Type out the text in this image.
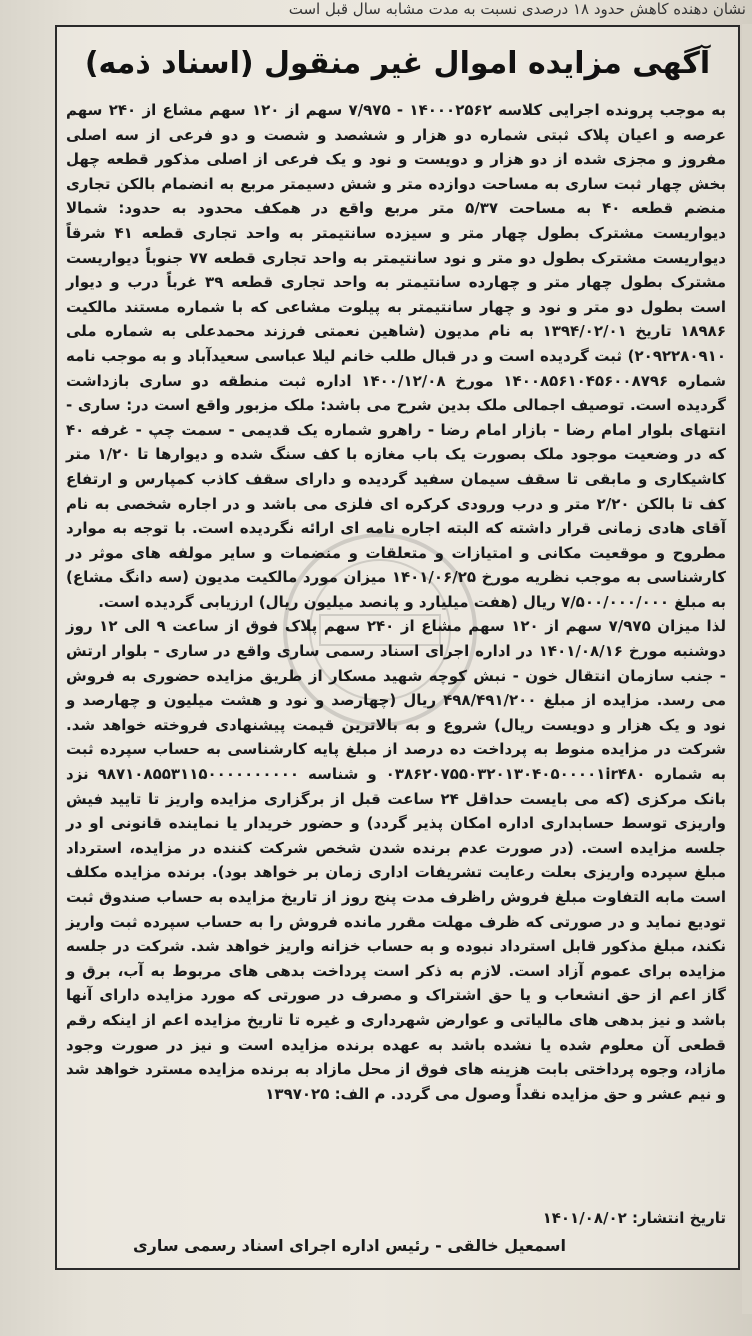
نشان دهنده کاهش حدود ۱۸ درصدی نسبت به مدت مشابه سال قبل است
آگهی مزایده اموال غیر منقول (اسناد ذمه)

به موجب پرونده اجرایی کلاسه ۱۴۰۰۰۲۵۶۲ - ۷/۹۷۵ سهم از ۱۲۰ سهم مشاع از ۲۴۰ سهم عرصه و اعیان پلاک ثبتی شماره دو هزار و ششصد و شصت و دو فرعی از سه اصلی مفروز و مجزی شده از دو هزار و دویست و نود و یک فرعی از اصلی مذکور قطعه چهل بخش چهار ثبت ساری به مساحت دوازده متر و شش دسیمتر مربع به انضمام بالکن تجاری منضم قطعه ۴۰ به مساحت ۵/۳۷ متر مربع واقع در همکف محدود به حدود: شمالا دیواریست مشترک بطول چهار متر و سیزده سانتیمتر به واحد تجاری قطعه ۴۱ شرقاً دیواریست مشترک بطول دو متر و نود سانتیمتر به واحد تجاری قطعه ۷۷ جنوباً دیواریست مشترک بطول چهار متر و چهارده سانتیمتر به واحد تجاری قطعه ۳۹ غرباً درب و دیوار است بطول دو متر و نود و چهار سانتیمتر به پیلوت مشاعی که با شماره مستند مالکیت ۱۸۹۸۶ تاریخ ۱۳۹۴/۰۲/۰۱ به نام مدیون (شاهین نعمتی فرزند محمدعلی به شماره ملی ۲۰۹۲۲۸۰۹۱۰) ثبت گردیده است و در قبال طلب خانم لیلا عباسی سعیدآباد و به موجب نامه شماره ۱۴۰۰۸۵۶۱۰۴۵۶۰۰۸۷۹۶ مورخ ۱۴۰۰/۱۲/۰۸ اداره ثبت منطقه دو ساری بازداشت گردیده است. توصیف اجمالی ملک بدین شرح می باشد: ملک مزبور واقع است در: ساری - انتهای بلوار امام رضا - بازار امام رضا - راهرو شماره یک قدیمی - سمت چپ - غرفه ۴۰ که در وضعیت موجود ملک بصورت یک باب مغازه با کف سنگ شده و دیوارها تا ۱/۲۰ متر کاشیکاری و مابقی تا سقف سیمان سفید گردیده و دارای سقف کاذب کمپارس و ارتفاع کف تا بالکن ۲/۲۰ متر و درب ورودی کرکره ای فلزی می باشد و در اجاره شخصی به نام آقای هادی زمانی قرار داشته که البته اجاره نامه ای ارائه نگردیده است. با توجه به موارد مطروح و موقعیت مکانی و امتیازات و متعلقات و منضمات و سایر مولفه های موثر در کارشناسی به موجب نظریه مورخ ۱۴۰۱/۰۶/۲۵ میزان مورد مالکیت مدیون (سه دانگ مشاع) به مبلغ ۷/۵۰۰/۰۰۰/۰۰۰ ریال (هفت میلیارد و پانصد میلیون ریال) ارزیابی گردیده است.

لذا میزان ۷/۹۷۵ سهم از ۱۲۰ سهم مشاع از ۲۴۰ سهم پلاک فوق از ساعت ۹ الی ۱۲ روز دوشنبه مورخ ۱۴۰۱/۰۸/۱۶ در اداره اجرای اسناد رسمی ساری واقع در ساری - بلوار ارتش - جنب سازمان انتقال خون - نبش کوچه شهید مسکار از طریق مزایده حضوری به فروش می رسد. مزایده از مبلغ ۴۹۸/۴۹۱/۲۰۰ ریال (چهارصد و نود و هشت میلیون و چهارصد و نود و یک هزار و دویست ریال) شروع و به بالاترین قیمت پیشنهادی فروخته خواهد شد. شرکت در مزایده منوط به پرداخت ده درصد از مبلغ پایه کارشناسی به حساب سپرده ثبت به شماره ۰۳۸۶۲۰۷۵۵۰۳۲۰۱۳۰۴۰۵۰۰۰۰۱ir۴۸۰ و شناسه ۹۸۷۱۰۸۵۵۳۱۱۵۰۰۰۰۰۰۰۰۰۰ نزد بانک مرکزی (که می بایست حداقل ۲۴ ساعت قبل از برگزاری مزایده واریز تا تایید فیش واریزی توسط حسابداری اداره امکان پذیر گردد) و حضور خریدار یا نماینده قانونی او در جلسه مزایده است. (در صورت عدم برنده شدن شخص شرکت کننده در مزایده، استرداد مبلغ سپرده واریزی بعلت رعایت تشریفات اداری زمان بر خواهد بود). برنده مزایده مکلف است مابه التفاوت مبلغ فروش راظرف مدت پنج روز از تاریخ مزایده به حساب صندوق ثبت تودیع نماید و در صورتی که ظرف مهلت مقرر مانده فروش را به حساب سپرده ثبت واریز نکند، مبلغ مذکور قابل استرداد نبوده و به حساب خزانه واریز خواهد شد. شرکت در جلسه مزایده برای عموم آزاد است. لازم به ذکر است پرداخت بدهی های مربوط به آب، برق و گاز اعم از حق انشعاب و یا حق اشتراک و مصرف در صورتی که مورد مزایده دارای آنها باشد و نیز بدهی های مالیاتی و عوارض شهرداری و غیره تا تاریخ مزایده اعم از اینکه رقم قطعی آن معلوم شده یا نشده باشد به عهده برنده مزایده است و نیز در صورت وجود مازاد، وجوه پرداختی بابت هزینه های فوق از محل مازاد به برنده مزایده مسترد خواهد شد و نیم عشر و حق مزایده نقداً وصول می گردد. م الف: ۱۳۹۷۰۲۵

تاریخ انتشار: ۱۴۰۱/۰۸/۰۲
اسمعیل خالقی - رئیس اداره اجرای اسناد رسمی ساری
